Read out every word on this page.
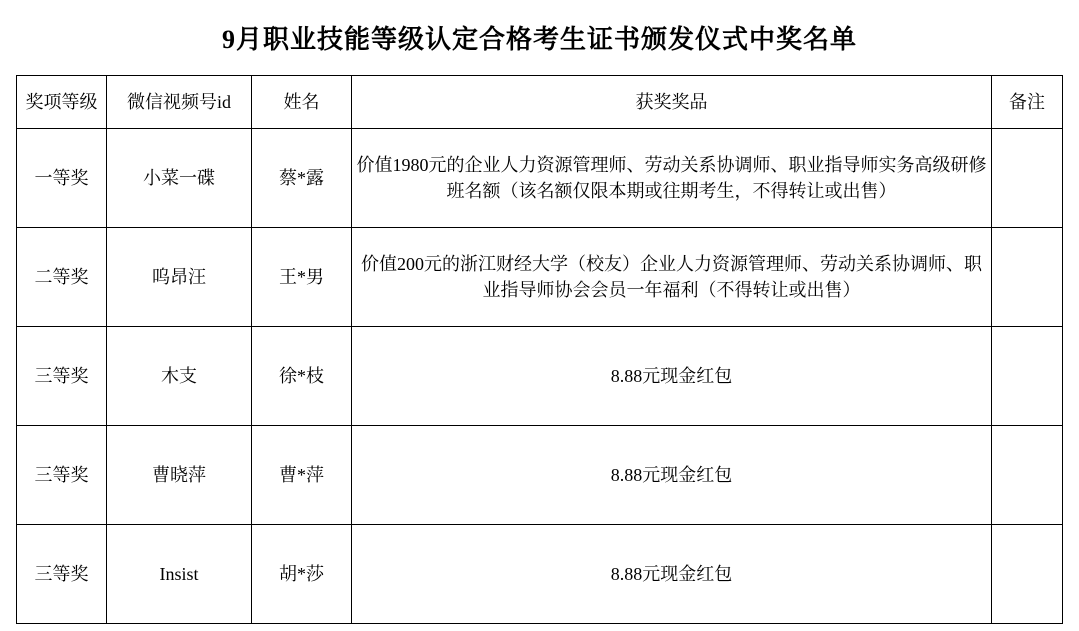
9月职业技能等级认定合格考生证书颁发仪式中奖名单
奖项等级	微信视频号id	姓名	获奖奖品	备注
一等奖	小菜一碟	蔡*露	价值1980元的企业人力资源管理师、劳动关系协调师、职业指导师实务高级研修班名额（该名额仅限本期或往期考生，不得转让或出售）	
二等奖	呜昂汪	王*男	价值200元的浙江财经大学（校友）企业人力资源管理师、劳动关系协调师、职业指导师协会会员一年福利（不得转让或出售）	
三等奖	木支	徐*枝	8.88元现金红包	
三等奖	曹晓萍	曹*萍	8.88元现金红包	
三等奖	Insist	胡*莎	8.88元现金红包	
